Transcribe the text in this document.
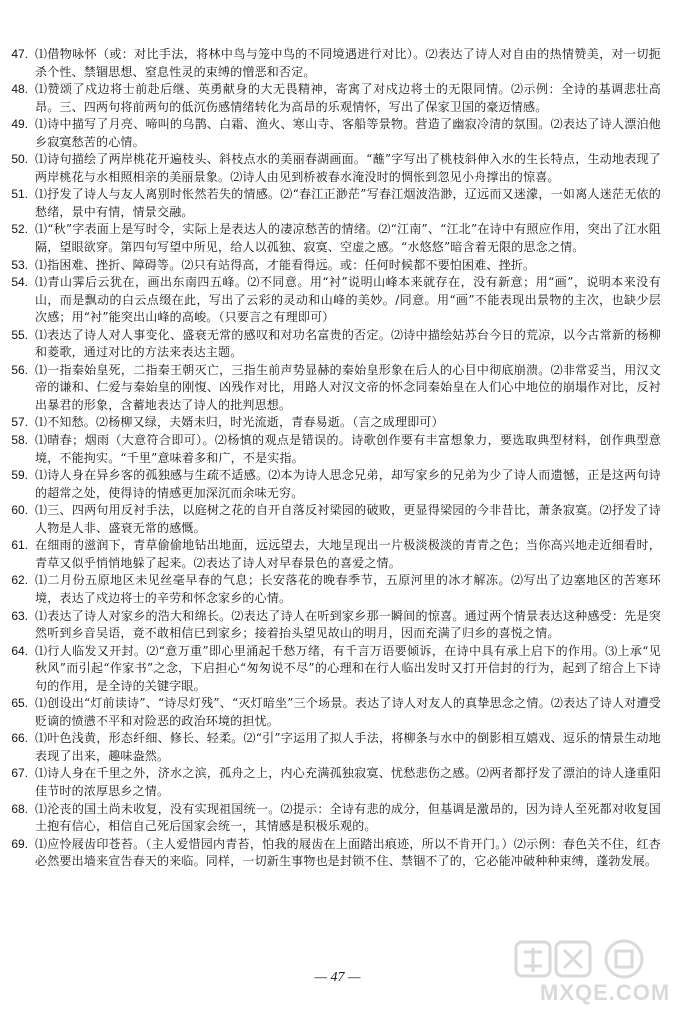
47. ⑴借物咏怀（或：对比手法，将林中鸟与笼中鸟的不同境遇进行对比）。⑵表达了诗人对自由的热情赞美，对一切扼杀个性、禁锢思想、窒息性灵的束缚的憎恶和否定。
48. ⑴赞颂了戍边将士前赴后继、英勇献身的大无畏精神，寄寓了对戍边将士的无限同情。⑵示例：全诗的基调悲壮高昂。三、四两句将前两句的低沉伤感情绪转化为高昂的乐观情怀，写出了保家卫国的豪迈情感。
49. ⑴诗中描写了月亮、啼叫的乌鹊、白霜、渔火、寒山寺、客船等景物。营造了幽寂冷清的氛围。⑵表达了诗人漂泊他乡寂寞愁苦的心情。
50. ⑴诗句描绘了两岸桃花开遍枝头、斜枝点水的美丽春湖画面。“蘸”字写出了桃枝斜伸入水的生长特点，生动地表现了两岸桃花与水相照相亲的美丽景象。⑵诗人由见到桥被春水淹没时的惆怅到忽见小舟撑出的惊喜。
51. ⑴抒发了诗人与友人离别时怅然若失的情感。⑵“春江正渺茫”写春江烟波浩渺，辽远而又迷濛，一如离人迷茫无依的愁绪，景中有情，情景交融。
52. ⑴“秋”字表面上是写时令，实际上是表达人的凄凉愁苦的情绪。⑵“江南”、“江北”在诗中有照应作用，突出了江水阻隔，望眼欲穿。第四句写望中所见，给人以孤独、寂寞、空虚之感。“水悠悠”暗含着无限的思念之情。
53. ⑴指困难、挫折、障碍等。⑵只有站得高，才能看得远。或：任何时候都不要怕困难、挫折。
54. ⑴青山霁后云犹在，画出东南四五峰。⑵不同意。用“衬”说明山峰本来就存在，没有新意；用“画”，说明本来没有山，而是飘动的白云点缀在此，写出了云彩的灵动和山峰的美妙。/同意。用“画”不能表现出景物的主次，也缺少层次感；用“衬”能突出山峰的高峻。（只要言之有理即可）
55. ⑴表达了诗人对人事变化、盛衰无常的感叹和对功名富贵的否定。⑵诗中描绘姑苏台今日的荒凉，以今古常新的杨柳和菱歌，通过对比的方法来表达主题。
56. ⑴一指秦始皇死，二指秦王朝灭亡，三指生前声势显赫的秦始皇形象在后人的心目中彻底崩溃。⑵非常妥当，用汉文帝的谦和、仁爱与秦始皇的刚愎、凶残作对比，用路人对汉文帝的怀念同秦始皇在人们心中地位的崩塌作对比，反衬出暴君的形象，含蓄地表达了诗人的批判思想。
57. ⑴不知愁。⑵杨柳又绿，夫婿未归，时光流逝，青春易逝。（言之成理即可）
58. ⑴晴春；烟雨（大意符合即可）。⑵杨慎的观点是错误的。诗歌创作要有丰富想象力，要选取典型材料，创作典型意境，不能拘实。“千里”意味着多和广，不是实指。
59. ⑴诗人身在异乡客的孤独感与生疏不适感。⑵本为诗人思念兄弟，却写家乡的兄弟为少了诗人而遗憾，正是这两句诗的超常之处，使得诗的情感更加深沉而余味无穷。
60. ⑴三、四两句用反衬手法，以庭树之花的自开自落反衬梁园的破败，更显得梁园的今非昔比，萧条寂寞。⑵抒发了诗人物是人非、盛衰无常的感慨。
61. 在细雨的滋润下，青草偷偷地钻出地面，远远望去，大地呈现出一片极淡极淡的青青之色；当你高兴地走近细看时，青草又似乎悄悄地躲了起来。⑵表达了诗人对早春景色的喜爱之情。
62. ⑴二月份五原地区未见丝毫早春的气息；长安落花的晚春季节，五原河里的冰才解冻。⑵写出了边塞地区的苦寒环境，表达了戍边将士的辛劳和怀念家乡的心情。
63. ⑴表达了诗人对家乡的浩大和绵长。⑵表达了诗人在听到家乡那一瞬间的惊喜。通过两个情景表达这种感受：先是突然听到乡音吴语，竟不敢相信已到家乡；接着抬头望见故山的明月，因而充满了归乡的喜悦之情。
64. ⑴行人临发又开封。⑵“意万重”即心里涌起千愁万绪，有千言万语要倾诉，在诗中具有承上启下的作用。⑶上承“见秋风”而引起“作家书”之念，下启担心“匆匆说不尽”的心理和在行人临出发时又打开信封的行为，起到了绾合上下诗句的作用，是全诗的关键字眼。
65. ⑴创设出“灯前读诗”、“诗尽灯残”、“灭灯暗坐”三个场景。表达了诗人对友人的真挚思念之情。⑵表达了诗人对遭受贬谪的愤懑不平和对险恶的政治环境的担忧。
66. ⑴叶色浅黄，形态纤细、修长、轻柔。⑵“引”字运用了拟人手法，将柳条与水中的倒影相互嬉戏、逗乐的情景生动地表现了出来，趣味盎然。
67. ⑴诗人身在千里之外，济水之滨，孤舟之上，内心充满孤独寂寞、忧愁悲伤之感。⑵两者都抒发了漂泊的诗人逢重阳佳节时的浓厚思乡之情。
68. ⑴沦丧的国土尚未收复，没有实现祖国统一。⑵提示：全诗有悲的成分，但基调是激昂的，因为诗人至死都对收复国土抱有信心，相信自己死后国家会统一，其情感是积极乐观的。
69. ⑴应怜屐齿印苍苔。（主人爱惜园内青苔，怕我的屐齿在上面踏出痕迹，所以不肯开门。）⑵示例：春色关不住，红杏必然要出墙来宣告春天的来临。同样，一切新生事物也是封锁不住、禁锢不了的，它必能冲破种种束缚，蓬勃发展。
— 47 —
MXQE.COM
